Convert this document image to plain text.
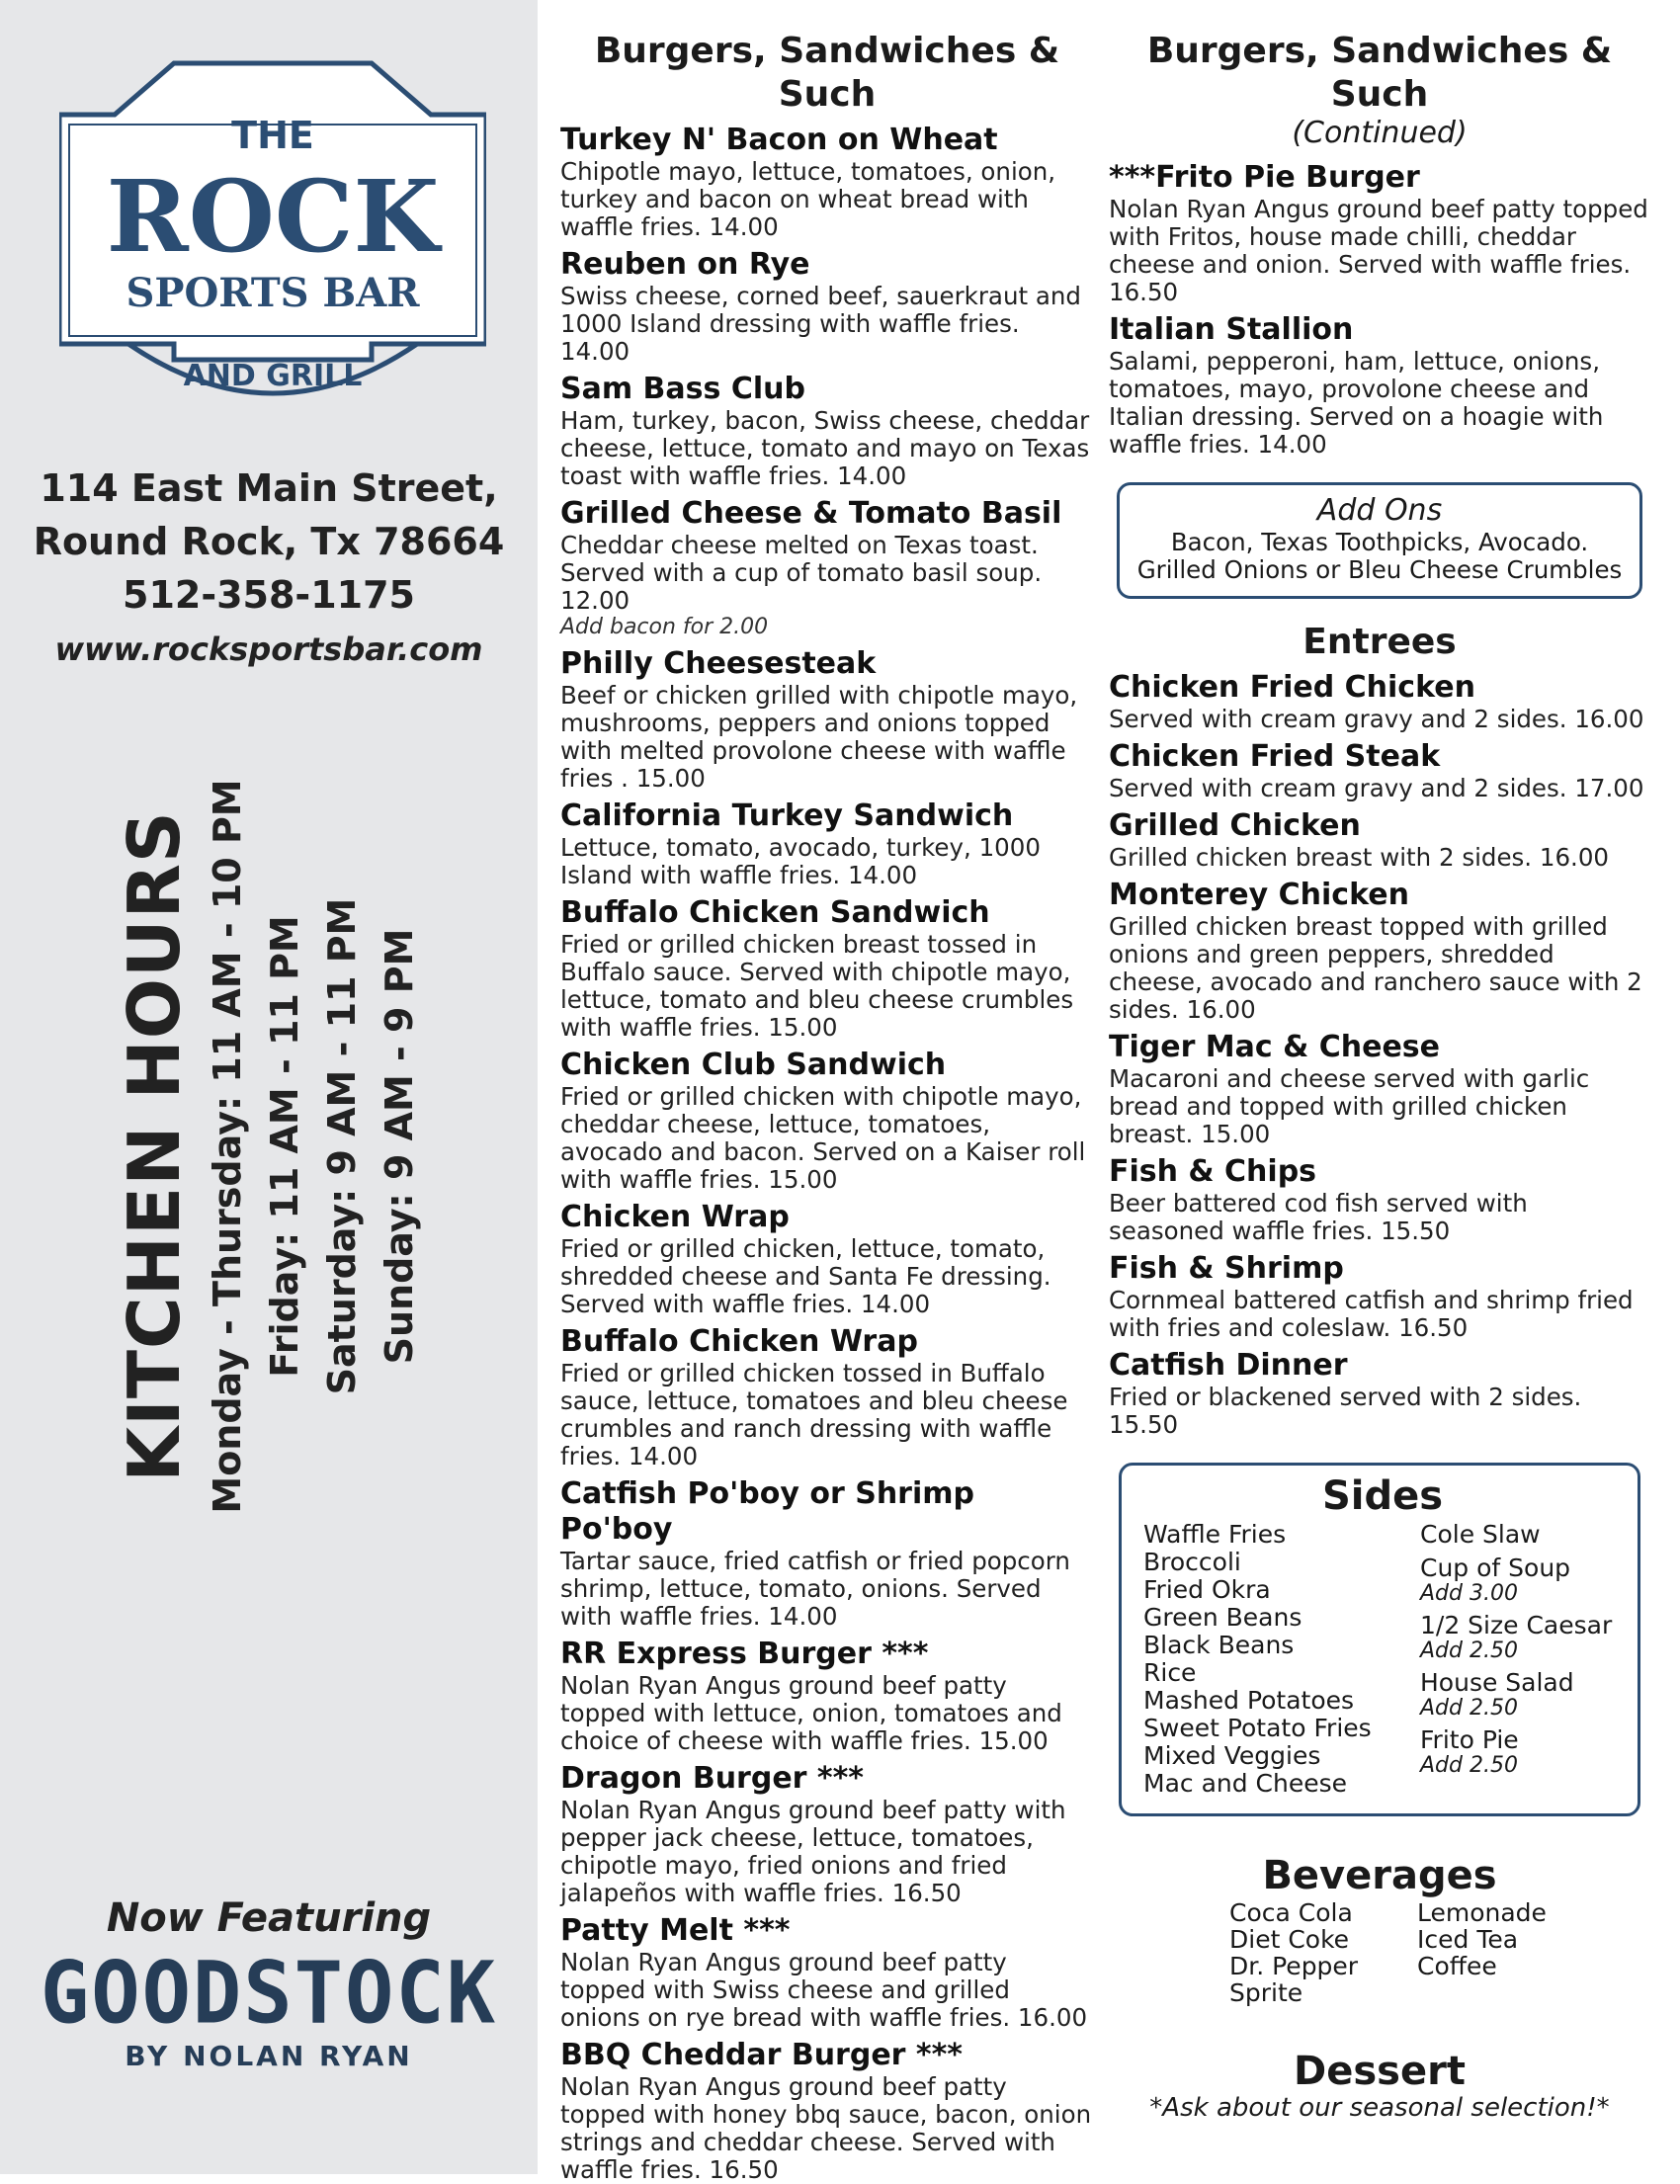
THE
ROCK
SPORTS BAR
AND GRILL
114 East Main Street,
Round Rock, Tx 78664
512-358-1175
www.rocksportsbar.com
KITCHEN HOURS Monday - Thursday: 11 AM - 10 PM Friday: 11 AM - 11 PM Saturday: 9 AM - 11 PM Sunday: 9 AM - 9 PM
Now Featuring
GOODSTOCK
BY NOLAN RYAN
Burgers, Sandwiches & Such
Turkey N' Bacon on Wheat
Chipotle mayo, lettuce, tomatoes, onion, turkey and bacon on wheat bread with waffle fries. 14.00
Reuben on Rye
Swiss cheese, corned beef, sauerkraut and 1000 Island dressing with waffle fries. 14.00
Sam Bass Club
Ham, turkey, bacon, Swiss cheese, cheddar cheese, lettuce, tomato and mayo on Texas toast with waffle fries. 14.00
Grilled Cheese & Tomato Basil
Cheddar cheese melted on Texas toast. Served with a cup of tomato basil soup. 12.00
Add bacon for 2.00
Philly Cheesesteak
Beef or chicken grilled with chipotle mayo, mushrooms, peppers and onions topped with melted provolone cheese with waffle fries . 15.00
California Turkey Sandwich
Lettuce, tomato, avocado, turkey, 1000 Island with waffle fries. 14.00
Buffalo Chicken Sandwich
Fried or grilled chicken breast tossed in Buffalo sauce. Served with chipotle mayo, lettuce, tomato and bleu cheese crumbles with waffle fries. 15.00
Chicken Club Sandwich
Fried or grilled chicken with chipotle mayo, cheddar cheese, lettuce, tomatoes, avocado and bacon. Served on a Kaiser roll with waffle fries. 15.00
Chicken Wrap
Fried or grilled chicken, lettuce, tomato, shredded cheese and Santa Fe dressing. Served with waffle fries. 14.00
Buffalo Chicken Wrap
Fried or grilled chicken tossed in Buffalo sauce, lettuce, tomatoes and bleu cheese crumbles and ranch dressing with waffle fries. 14.00
Catfish Po'boy or Shrimp Po'boy
Tartar sauce, fried catfish or fried popcorn shrimp, lettuce, tomato, onions. Served with waffle fries. 14.00
RR Express Burger ***
Nolan Ryan Angus ground beef patty topped with lettuce, onion, tomatoes and choice of cheese with waffle fries. 15.00
Dragon Burger ***
Nolan Ryan Angus ground beef patty with pepper jack cheese, lettuce, tomatoes, chipotle mayo, fried onions and fried jalapeños with waffle fries. 16.50
Patty Melt ***
Nolan Ryan Angus ground beef patty topped with Swiss cheese and grilled onions on rye bread with waffle fries. 16.00
BBQ Cheddar Burger ***
Nolan Ryan Angus ground beef patty topped with honey bbq sauce, bacon, onion strings and cheddar cheese. Served with waffle fries. 16.50
Burgers, Sandwiches & Such
(Continued)
***Frito Pie Burger
Nolan Ryan Angus ground beef patty topped with Fritos, house made chilli, cheddar cheese and onion. Served with waffle fries. 16.50
Italian Stallion
Salami, pepperoni, ham, lettuce, onions, tomatoes, mayo, provolone cheese and Italian dressing. Served on a hoagie with waffle fries. 14.00
Add Ons
Bacon, Texas Toothpicks, Avocado.
Grilled Onions or Bleu Cheese Crumbles
Entrees
Chicken Fried Chicken
Served with cream gravy and 2 sides. 16.00
Chicken Fried Steak
Served with cream gravy and 2 sides. 17.00
Grilled Chicken
Grilled chicken breast with 2 sides. 16.00
Monterey Chicken
Grilled chicken breast topped with grilled onions and green peppers, shredded cheese, avocado and ranchero sauce with 2 sides. 16.00
Tiger Mac & Cheese
Macaroni and cheese served with garlic bread and topped with grilled chicken breast. 15.00
Fish & Chips
Beer battered cod fish served with seasoned waffle fries. 15.50
Fish & Shrimp
Cornmeal battered catfish and shrimp fried with fries and coleslaw. 16.50
Catfish Dinner
Fried or blackened served with 2 sides. 15.50
Sides
Waffle Fries
Broccoli
Fried Okra
Green Beans
Black Beans
Rice
Mashed Potatoes
Sweet Potato Fries
Mixed Veggies
Mac and Cheese
Cole Slaw
Cup of Soup
Add 3.00
1/2 Size Caesar
Add 2.50
House Salad
Add 2.50
Frito Pie
Add 2.50
Beverages
Coca Cola
Diet Coke
Dr. Pepper
Sprite
Lemonade
Iced Tea
Coffee
Dessert
*Ask about our seasonal selection!*
